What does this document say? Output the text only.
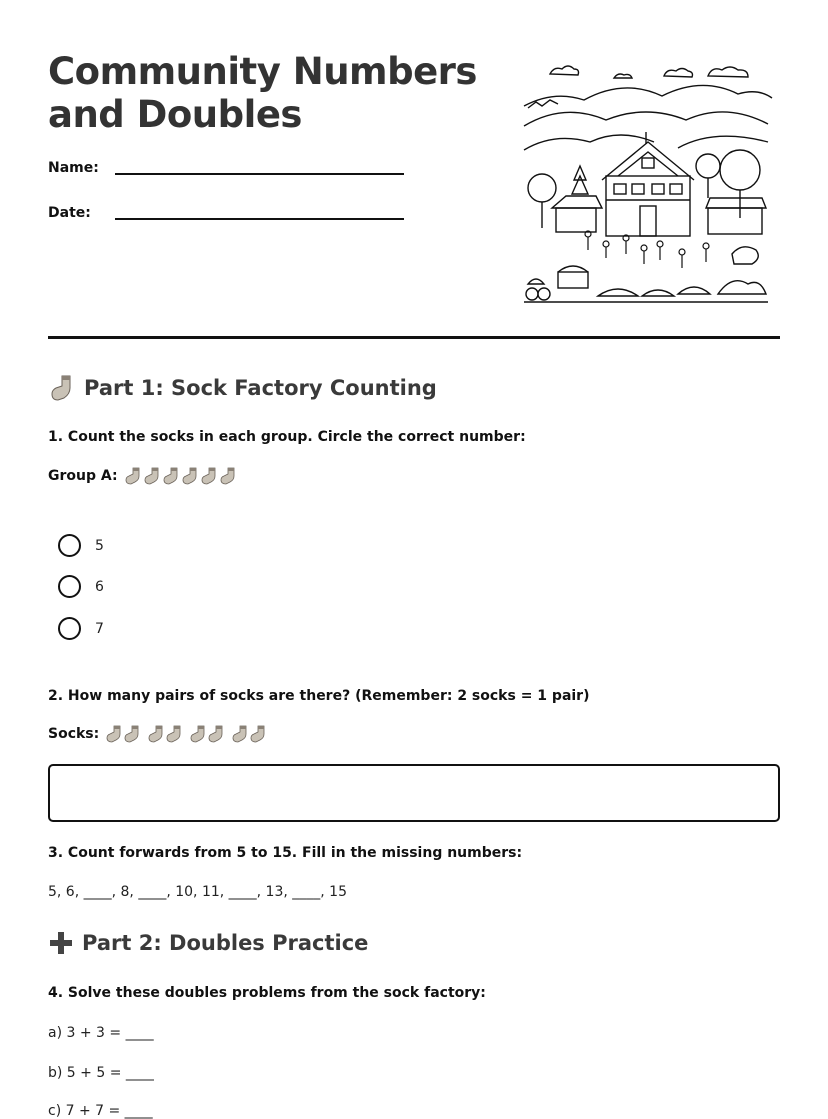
Community Numbers
and Doubles
Name:
Date:
Part 1: Sock Factory Counting
1. Count the socks in each group. Circle the correct number:
Group A:
5
6
7
2. How many pairs of socks are there? (Remember: 2 socks = 1 pair)
Socks:
3. Count forwards from 5 to 15. Fill in the missing numbers:
5, 6, ____, 8, ____, 10, 11, ____, 13, ____, 15
Part 2: Doubles Practice
4. Solve these doubles problems from the sock factory:
a) 3 + 3 = ____
b) 5 + 5 = ____
c) 7 + 7 = ____
